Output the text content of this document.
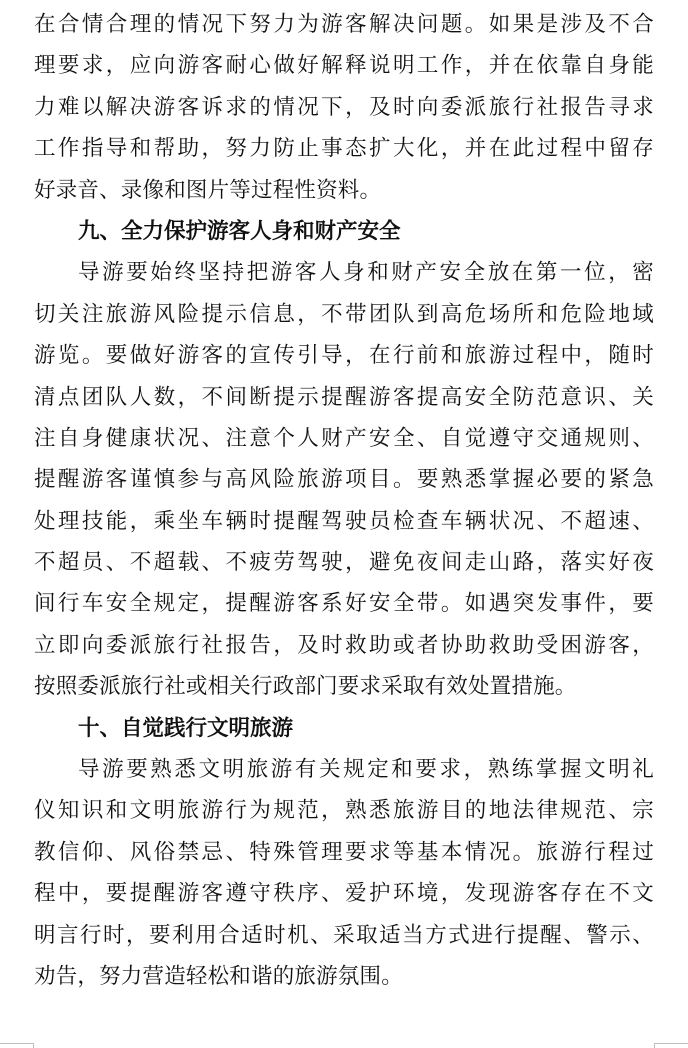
在合情合理的情况下努力为游客解决问题。如果是涉及不合
理要求，应向游客耐心做好解释说明工作，并在依靠自身能
力难以解决游客诉求的情况下，及时向委派旅行社报告寻求
工作指导和帮助，努力防止事态扩大化，并在此过程中留存
好录音、录像和图片等过程性资料。
九、全力保护游客人身和财产安全
导游要始终坚持把游客人身和财产安全放在第一位，密
切关注旅游风险提示信息，不带团队到高危场所和危险地域
游览。要做好游客的宣传引导，在行前和旅游过程中，随时
清点团队人数，不间断提示提醒游客提高安全防范意识、关
注自身健康状况、注意个人财产安全、自觉遵守交通规则、
提醒游客谨慎参与高风险旅游项目。要熟悉掌握必要的紧急
处理技能，乘坐车辆时提醒驾驶员检查车辆状况、不超速、
不超员、不超载、不疲劳驾驶，避免夜间走山路，落实好夜
间行车安全规定，提醒游客系好安全带。如遇突发事件，要
立即向委派旅行社报告，及时救助或者协助救助受困游客，
按照委派旅行社或相关行政部门要求采取有效处置措施。
十、自觉践行文明旅游
导游要熟悉文明旅游有关规定和要求，熟练掌握文明礼
仪知识和文明旅游行为规范，熟悉旅游目的地法律规范、宗
教信仰、风俗禁忌、特殊管理要求等基本情况。旅游行程过
程中，要提醒游客遵守秩序、爱护环境，发现游客存在不文
明言行时，要利用合适时机、采取适当方式进行提醒、警示、
劝告，努力营造轻松和谐的旅游氛围。
